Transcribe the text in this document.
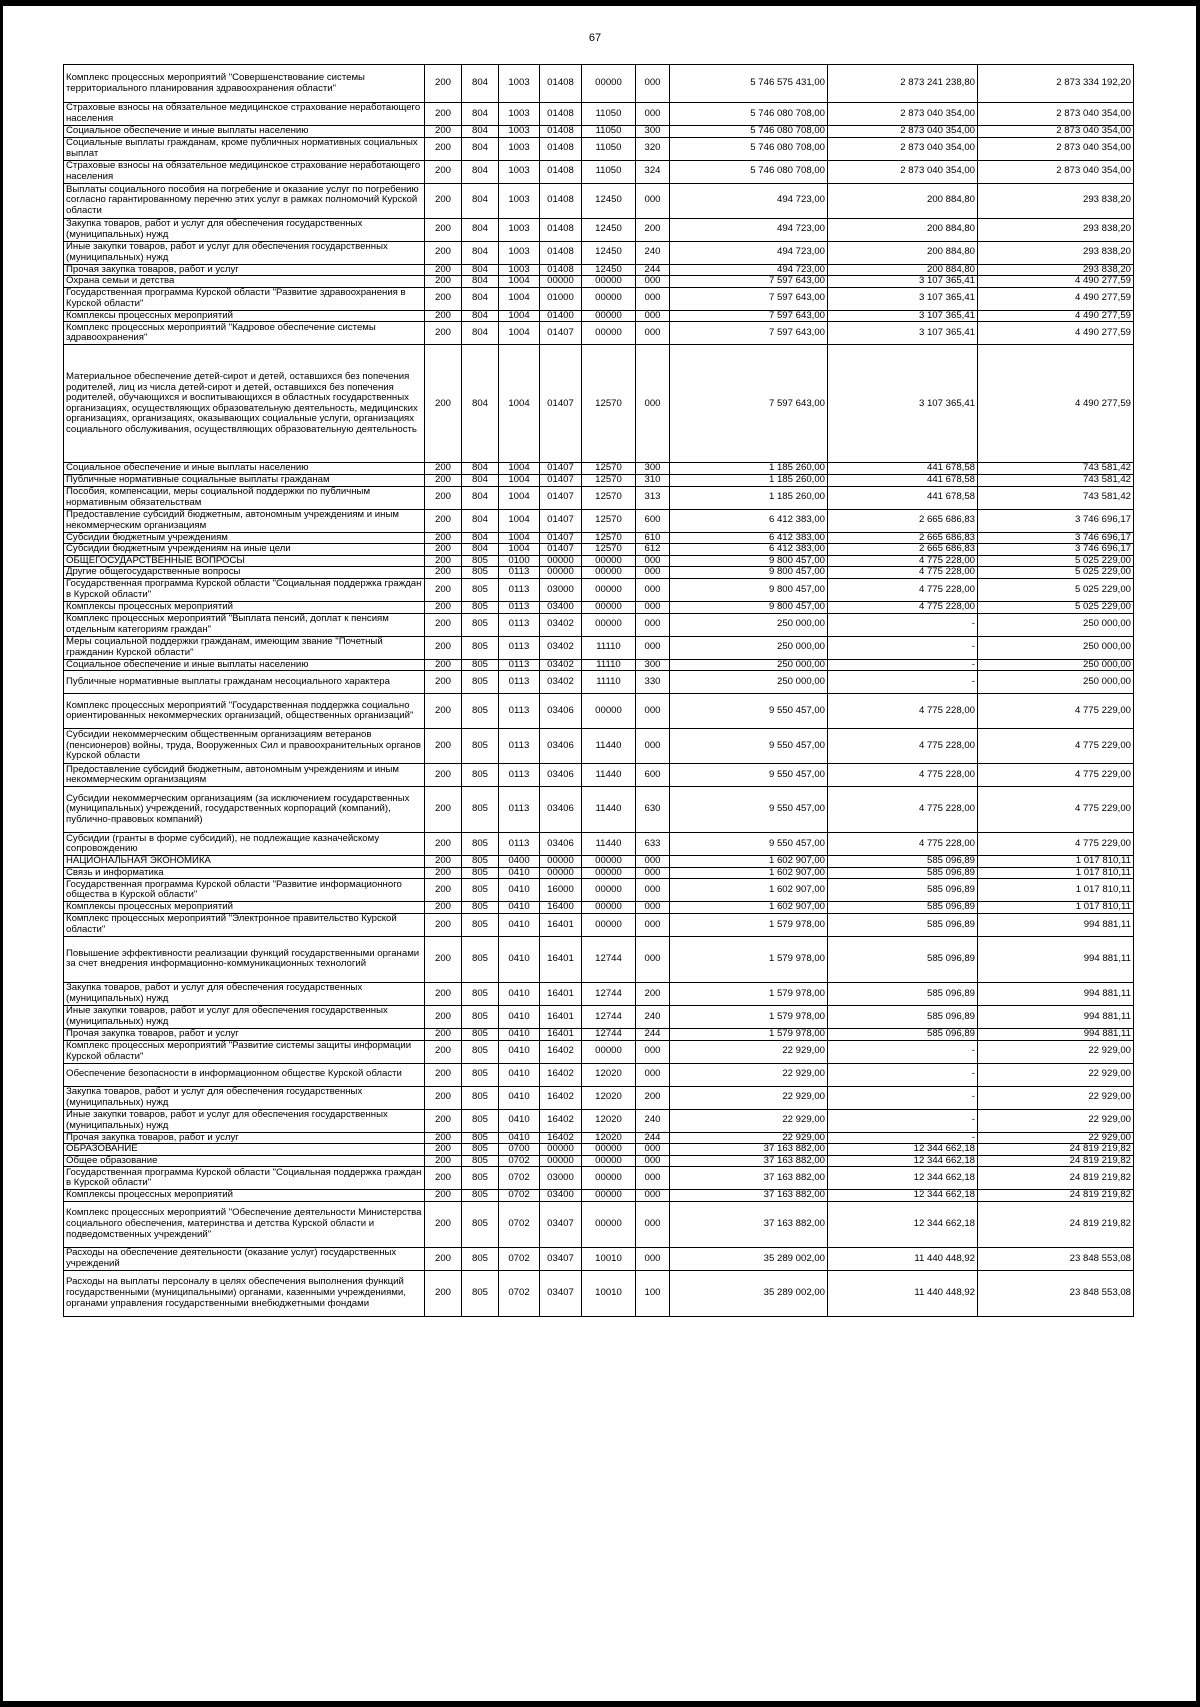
67
Комплекс процессных мероприятий "Совершенствование системы территориального планирования здравоохранения области"	200	804	1003	01408	00000	000	5 746 575 431,00	2 873 241 238,80	2 873 334 192,20
Страховые взносы на обязательное медицинское страхование неработающего населения	200	804	1003	01408	11050	000	5 746 080 708,00	2 873 040 354,00	2 873 040 354,00
Социальное обеспечение и иные выплаты населению	200	804	1003	01408	11050	300	5 746 080 708,00	2 873 040 354,00	2 873 040 354,00
Социальные выплаты гражданам, кроме публичных нормативных социальных выплат	200	804	1003	01408	11050	320	5 746 080 708,00	2 873 040 354,00	2 873 040 354,00
Страховые взносы на обязательное медицинское страхование неработающего населения	200	804	1003	01408	11050	324	5 746 080 708,00	2 873 040 354,00	2 873 040 354,00
Выплаты социального пособия на погребение и оказание услуг по погребению согласно гарантированному перечню этих услуг в рамках полномочий Курской области	200	804	1003	01408	12450	000	494 723,00	200 884,80	293 838,20
Закупка товаров, работ и услуг для обеспечения государственных (муниципальных) нужд	200	804	1003	01408	12450	200	494 723,00	200 884,80	293 838,20
Иные закупки товаров, работ и услуг для обеспечения государственных (муниципальных) нужд	200	804	1003	01408	12450	240	494 723,00	200 884,80	293 838,20
Прочая закупка товаров, работ и услуг	200	804	1003	01408	12450	244	494 723,00	200 884,80	293 838,20
Охрана семьи и детства	200	804	1004	00000	00000	000	7 597 643,00	3 107 365,41	4 490 277,59
Государственная программа Курской области "Развитие здравоохранения в Курской области"	200	804	1004	01000	00000	000	7 597 643,00	3 107 365,41	4 490 277,59
Комплексы процессных мероприятий	200	804	1004	01400	00000	000	7 597 643,00	3 107 365,41	4 490 277,59
Комплекс процессных мероприятий "Кадровое обеспечение системы здравоохранения"	200	804	1004	01407	00000	000	7 597 643,00	3 107 365,41	4 490 277,59
Материальное обеспечение детей-сирот и детей, оставшихся без попечения родителей, лиц из числа детей-сирот и детей, оставшихся без попечения родителей, обучающихся и воспитывающихся в областных государственных организациях, осуществляющих образовательную деятельность, медицинских организациях, организациях, оказывающих социальные услуги, организациях социального обслуживания, осуществляющих образовательную деятельность	200	804	1004	01407	12570	000	7 597 643,00	3 107 365,41	4 490 277,59
Социальное обеспечение и иные выплаты населению	200	804	1004	01407	12570	300	1 185 260,00	441 678,58	743 581,42
Публичные нормативные социальные выплаты гражданам	200	804	1004	01407	12570	310	1 185 260,00	441 678,58	743 581,42
Пособия, компенсации, меры социальной поддержки по публичным нормативным обязательствам	200	804	1004	01407	12570	313	1 185 260,00	441 678,58	743 581,42
Предоставление субсидий бюджетным, автономным учреждениям и иным некоммерческим организациям	200	804	1004	01407	12570	600	6 412 383,00	2 665 686,83	3 746 696,17
Субсидии бюджетным учреждениям	200	804	1004	01407	12570	610	6 412 383,00	2 665 686,83	3 746 696,17
Субсидии бюджетным учреждениям на иные цели	200	804	1004	01407	12570	612	6 412 383,00	2 665 686,83	3 746 696,17
ОБЩЕГОСУДАРСТВЕННЫЕ ВОПРОСЫ	200	805	0100	00000	00000	000	9 800 457,00	4 775 228,00	5 025 229,00
Другие общегосударственные вопросы	200	805	0113	00000	00000	000	9 800 457,00	4 775 228,00	5 025 229,00
Государственная программа Курской области "Социальная поддержка граждан в Курской области"	200	805	0113	03000	00000	000	9 800 457,00	4 775 228,00	5 025 229,00
Комплексы процессных мероприятий	200	805	0113	03400	00000	000	9 800 457,00	4 775 228,00	5 025 229,00
Комплекс процессных мероприятий "Выплата пенсий, доплат к пенсиям отдельным категориям граждан"	200	805	0113	03402	00000	000	250 000,00	-	250 000,00
Меры социальной поддержки гражданам, имеющим звание "Почетный гражданин Курской области"	200	805	0113	03402	11110	000	250 000,00	-	250 000,00
Социальное обеспечение и иные выплаты населению	200	805	0113	03402	11110	300	250 000,00	-	250 000,00
Публичные нормативные выплаты гражданам несоциального характера	200	805	0113	03402	11110	330	250 000,00	-	250 000,00
Комплекс процессных мероприятий "Государственная поддержка социально ориентированных некоммерческих организаций, общественных организаций"	200	805	0113	03406	00000	000	9 550 457,00	4 775 228,00	4 775 229,00
Субсидии некоммерческим общественным организациям ветеранов (пенсионеров) войны, труда, Вооруженных Сил и правоохранительных органов Курской области	200	805	0113	03406	11440	000	9 550 457,00	4 775 228,00	4 775 229,00
Предоставление субсидий бюджетным, автономным учреждениям и иным некоммерческим организациям	200	805	0113	03406	11440	600	9 550 457,00	4 775 228,00	4 775 229,00
Субсидии некоммерческим организациям (за исключением государственных (муниципальных) учреждений, государственных корпораций (компаний), публично-правовых компаний)	200	805	0113	03406	11440	630	9 550 457,00	4 775 228,00	4 775 229,00
Субсидии (гранты в форме субсидий), не подлежащие казначейскому сопровождению	200	805	0113	03406	11440	633	9 550 457,00	4 775 228,00	4 775 229,00
НАЦИОНАЛЬНАЯ ЭКОНОМИКА	200	805	0400	00000	00000	000	1 602 907,00	585 096,89	1 017 810,11
Связь и информатика	200	805	0410	00000	00000	000	1 602 907,00	585 096,89	1 017 810,11
Государственная программа Курской области "Развитие информационного общества в Курской области"	200	805	0410	16000	00000	000	1 602 907,00	585 096,89	1 017 810,11
Комплексы процессных мероприятий	200	805	0410	16400	00000	000	1 602 907,00	585 096,89	1 017 810,11
Комплекс процессных мероприятий "Электронное правительство Курской области"	200	805	0410	16401	00000	000	1 579 978,00	585 096,89	994 881,11
Повышение эффективности реализации функций государственными органами за счет внедрения информационно-коммуникационных технологий	200	805	0410	16401	12744	000	1 579 978,00	585 096,89	994 881,11
Закупка товаров, работ и услуг для обеспечения государственных (муниципальных) нужд	200	805	0410	16401	12744	200	1 579 978,00	585 096,89	994 881,11
Иные закупки товаров, работ и услуг для обеспечения государственных (муниципальных) нужд	200	805	0410	16401	12744	240	1 579 978,00	585 096,89	994 881,11
Прочая закупка товаров, работ и услуг	200	805	0410	16401	12744	244	1 579 978,00	585 096,89	994 881,11
Комплекс процессных мероприятий "Развитие системы защиты информации Курской области"	200	805	0410	16402	00000	000	22 929,00	-	22 929,00
Обеспечение безопасности в информационном обществе Курской области	200	805	0410	16402	12020	000	22 929,00	-	22 929,00
Закупка товаров, работ и услуг для обеспечения государственных (муниципальных) нужд	200	805	0410	16402	12020	200	22 929,00	-	22 929,00
Иные закупки товаров, работ и услуг для обеспечения государственных (муниципальных) нужд	200	805	0410	16402	12020	240	22 929,00	-	22 929,00
Прочая закупка товаров, работ и услуг	200	805	0410	16402	12020	244	22 929,00	-	22 929,00
ОБРАЗОВАНИЕ	200	805	0700	00000	00000	000	37 163 882,00	12 344 662,18	24 819 219,82
Общее образование	200	805	0702	00000	00000	000	37 163 882,00	12 344 662,18	24 819 219,82
Государственная программа Курской области "Социальная поддержка граждан в Курской области"	200	805	0702	03000	00000	000	37 163 882,00	12 344 662,18	24 819 219,82
Комплексы процессных мероприятий	200	805	0702	03400	00000	000	37 163 882,00	12 344 662,18	24 819 219,82
Комплекс процессных мероприятий "Обеспечение деятельности Министерства социального обеспечения, материнства и детства Курской области и подведомственных учреждений"	200	805	0702	03407	00000	000	37 163 882,00	12 344 662,18	24 819 219,82
Расходы на обеспечение деятельности (оказание услуг) государственных учреждений	200	805	0702	03407	10010	000	35 289 002,00	11 440 448,92	23 848 553,08
Расходы на выплаты персоналу в целях обеспечения выполнения функций государственными (муниципальными) органами, казенными учреждениями, органами управления государственными внебюджетными фондами	200	805	0702	03407	10010	100	35 289 002,00	11 440 448,92	23 848 553,08
